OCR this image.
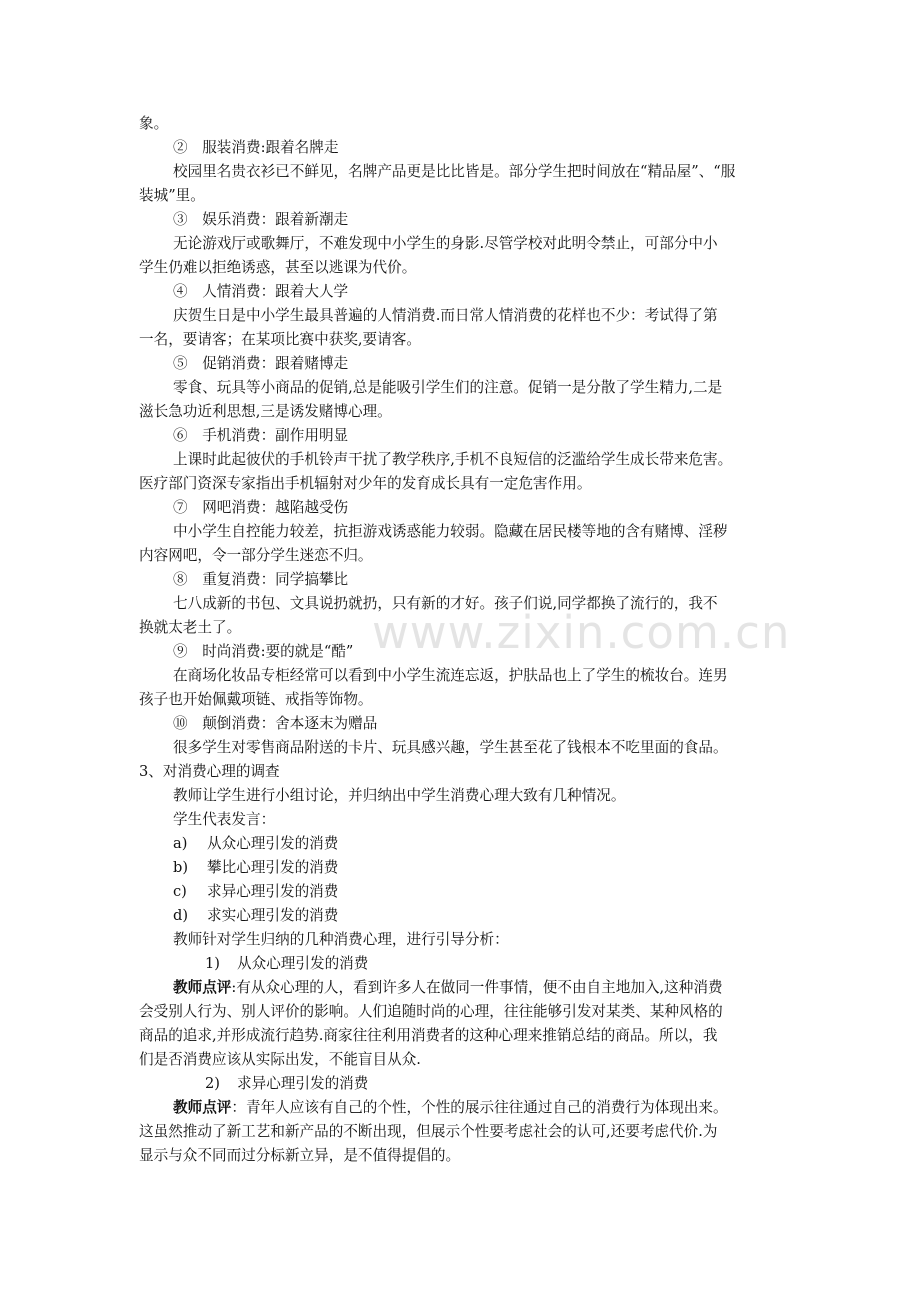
象。
②　服装消费:跟着名牌走
校园里名贵衣衫已不鲜见，名牌产品更是比比皆是。部分学生把时间放在“精品屋”、“服
装城”里。
③　娱乐消费：跟着新潮走
无论游戏厅或歌舞厅，不难发现中小学生的身影.尽管学校对此明令禁止，可部分中小
学生仍难以拒绝诱惑，甚至以逃课为代价。
④　人情消费：跟着大人学
庆贺生日是中小学生最具普遍的人情消费.而日常人情消费的花样也不少：考试得了第
一名，要请客；在某项比赛中获奖,要请客。
⑤　促销消费：跟着赌博走
零食、玩具等小商品的促销,总是能吸引学生们的注意。促销一是分散了学生精力,二是
滋长急功近利思想,三是诱发赌博心理。
⑥　手机消费：副作用明显
上课时此起彼伏的手机铃声干扰了教学秩序,手机不良短信的泛滥给学生成长带来危害。
医疗部门资深专家指出手机辐射对少年的发育成长具有一定危害作用。
⑦　网吧消费：越陷越受伤
中小学生自控能力较差，抗拒游戏诱惑能力较弱。隐藏在居民楼等地的含有赌博、淫秽
内容网吧，令一部分学生迷恋不归。
⑧　重复消费：同学搞攀比
七八成新的书包、文具说扔就扔，只有新的才好。孩子们说,同学都换了流行的，我不
换就太老土了。
⑨　时尚消费:要的就是“酷”
在商场化妆品专柜经常可以看到中小学生流连忘返，护肤品也上了学生的梳妆台。连男
孩子也开始佩戴项链、戒指等饰物。
⑩　颠倒消费：舍本逐末为赠品
很多学生对零售商品附送的卡片、玩具感兴趣，学生甚至花了钱根本不吃里面的食品。
3、对消费心理的调查
教师让学生进行小组讨论，并归纳出中学生消费心理大致有几种情况。
学生代表发言：
a) 从众心理引发的消费
b) 攀比心理引发的消费
c) 求异心理引发的消费
d) 求实心理引发的消费
教师针对学生归纳的几种消费心理，进行引导分析：
1) 从众心理引发的消费
教师点评:有从众心理的人，看到许多人在做同一件事情，便不由自主地加入,这种消费
会受别人行为、别人评价的影响。人们追随时尚的心理，往往能够引发对某类、某种风格的
商品的追求,并形成流行趋势.商家往往利用消费者的这种心理来推销总结的商品。所以，我
们是否消费应该从实际出发，不能盲目从众.
2) 求异心理引发的消费
教师点评：青年人应该有自己的个性，个性的展示往往通过自己的消费行为体现出来。
这虽然推动了新工艺和新产品的不断出现，但展示个性要考虑社会的认可,还要考虑代价.为
显示与众不同而过分标新立异，是不值得提倡的。
www.zixin.com.cn
